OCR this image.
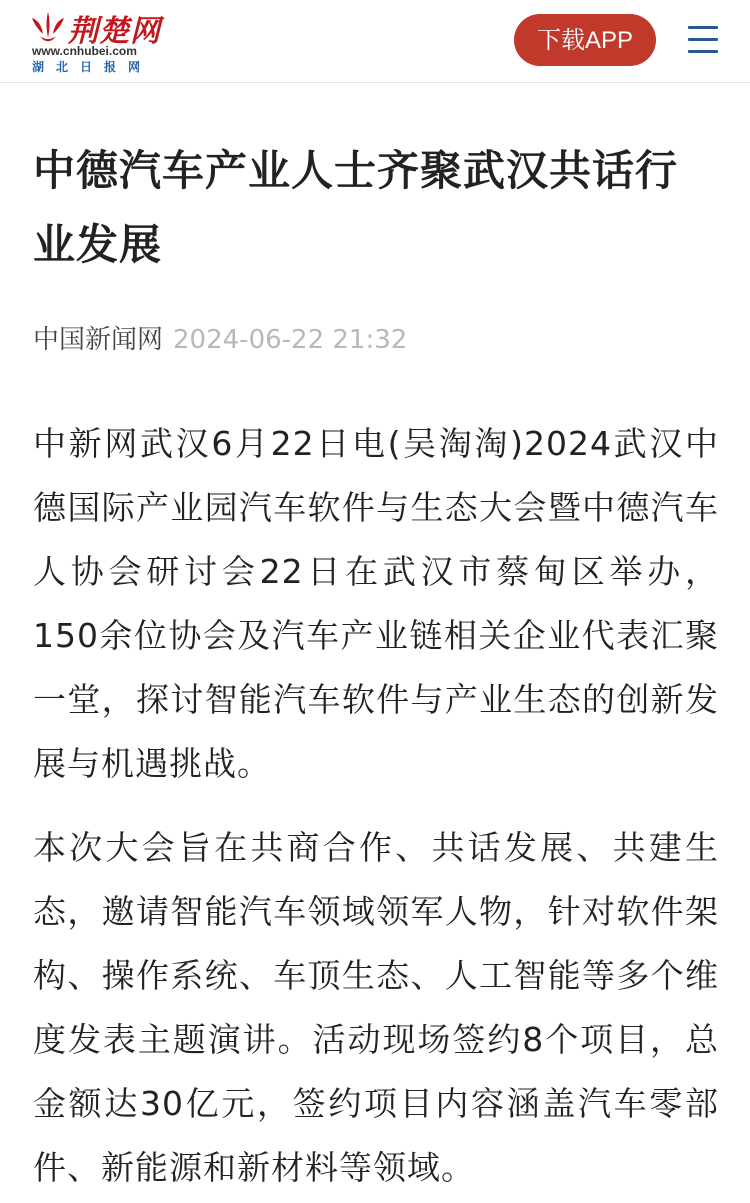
荆楚网
www.cnhubei.com
湖北日报网
下载APP
中德汽车产业人士齐聚武汉共话行业发展
中国新闻网 2024-06-22 21:32

中新网武汉6月22日电(吴淘淘)2024武汉中德国际产业园汽车软件与生态大会暨中德汽车人协会研讨会22日在武汉市蔡甸区举办，150余位协会及汽车产业链相关企业代表汇聚一堂，探讨智能汽车软件与产业生态的创新发展与机遇挑战。

本次大会旨在共商合作、共话发展、共建生态，邀请智能汽车领域领军人物，针对软件架构、操作系统、车顶生态、人工智能等多个维度发表主题演讲。活动现场签约8个项目，总金额达30亿元，签约项目内容涵盖汽车零部件、新能源和新材料等领域。
